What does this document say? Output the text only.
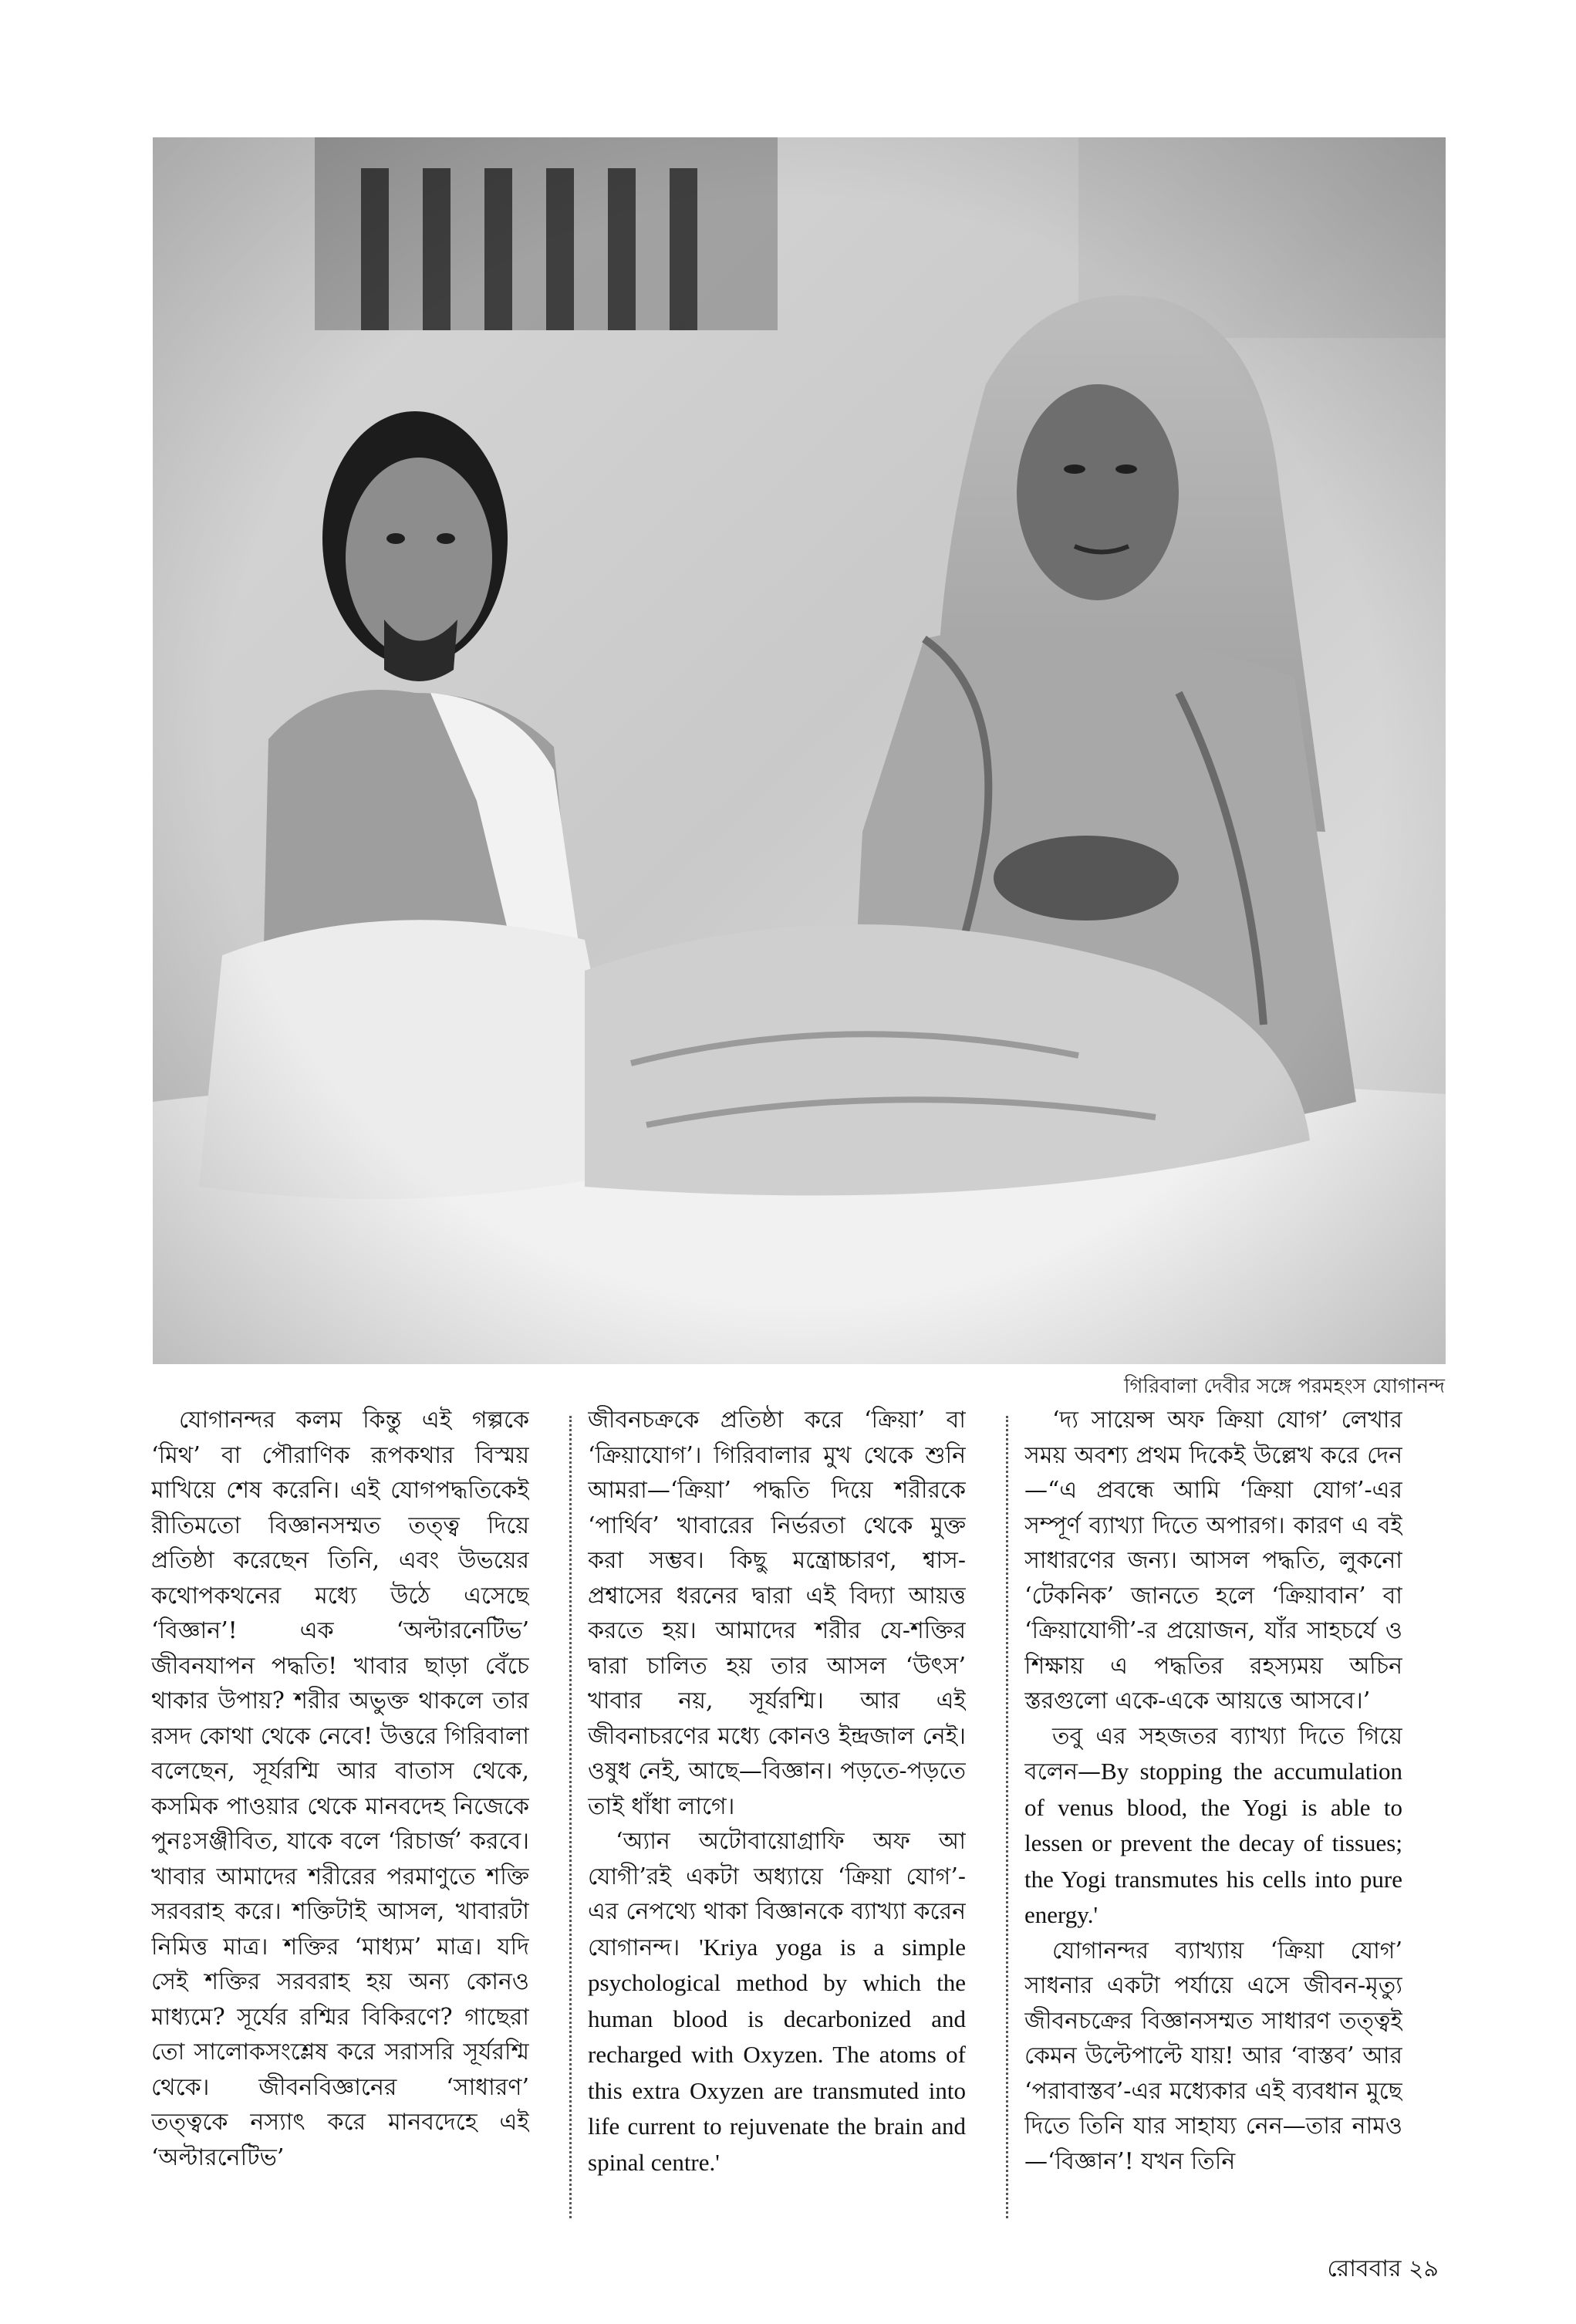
গিরিবালা দেবীর সঙ্গে পরমহংস যোগানন্দ

যোগানন্দর কলম কিন্তু এই গল্পকে ‘মিথ’ বা পৌরাণিক রূপকথার বিস্ময় মাখিয়ে শেষ করেনি। এই যোগপদ্ধতিকেই রীতিমতো বিজ্ঞানসম্মত তত্ত্ব দিয়ে প্রতিষ্ঠা করেছেন তিনি, এবং উভয়ের কথোপকথনের মধ্যে উঠে এসেছে ‘বিজ্ঞান’! এক ‘অল্টারনেটিভ’ জীবনযাপন পদ্ধতি! খাবার ছাড়া বেঁচে থাকার উপায়? শরীর অভুক্ত থাকলে তার রসদ কোথা থেকে নেবে! উত্তরে গিরিবালা বলেছেন, সূর্যরশ্মি আর বাতাস থেকে, কসমিক পাওয়ার থেকে মানবদেহ নিজেকে পুনঃসঞ্জীবিত, যাকে বলে ‘রিচার্জ’ করবে। খাবার আমাদের শরীরের পরমাণুতে শক্তি সরবরাহ করে। শক্তিটাই আসল, খাবারটা নিমিত্ত মাত্র। শক্তির ‘মাধ্যম’ মাত্র। যদি সেই শক্তির সরবরাহ হয় অন্য কোনও মাধ্যমে? সূর্যের রশ্মির বিকিরণে? গাছেরা তো সালোকসংশ্লেষ করে সরাসরি সূর্যরশ্মি থেকে। জীবনবিজ্ঞানের ‘সাধারণ’ তত্ত্বকে নস্যাৎ করে মানবদেহে এই ‘অল্টারনেটিভ’

জীবনচক্রকে প্রতিষ্ঠা করে ‘ক্রিয়া’ বা ‘ক্রিয়াযোগ’। গিরিবালার মুখ থেকে শুনি আমরা—‘ক্রিয়া’ পদ্ধতি দিয়ে শরীরকে ‘পার্থিব’ খাবারের নির্ভরতা থেকে মুক্ত করা সম্ভব। কিছু মন্ত্রোচ্চারণ, শ্বাস-প্রশ্বাসের ধরনের দ্বারা এই বিদ্যা আয়ত্ত করতে হয়। আমাদের শরীর যে-শক্তির দ্বারা চালিত হয় তার আসল ‘উৎস’ খাবার নয়, সূর্যরশ্মি। আর এই জীবনাচরণের মধ্যে কোনও ইন্দ্রজাল নেই। ওষুধ নেই, আছে—বিজ্ঞান। পড়তে-পড়তে তাই ধাঁধা লাগে।

‘অ্যান অটোবায়োগ্রাফি অফ আ যোগী’রই একটা অধ্যায়ে ‘ক্রিয়া যোগ’-এর নেপথ্যে থাকা বিজ্ঞানকে ব্যাখ্যা করেন যোগানন্দ। 'Kriya yoga is a simple psychological method by which the human blood is decarbonized and recharged with Oxyzen. The atoms of this extra Oxyzen are transmuted into life current to rejuvenate the brain and spinal centre.'

‘দ্য সায়েন্স অফ ক্রিয়া যোগ’ লেখার সময় অবশ্য প্রথম দিকেই উল্লেখ করে দেন—“এ প্রবন্ধে আমি ‘ক্রিয়া যোগ’-এর সম্পূর্ণ ব্যাখ্যা দিতে অপারগ। কারণ এ বই সাধারণের জন্য। আসল পদ্ধতি, লুকনো ‘টেকনিক’ জানতে হলে ‘ক্রিয়াবান’ বা ‘ক্রিয়াযোগী’-র প্রয়োজন, যাঁর সাহচর্যে ও শিক্ষায় এ পদ্ধতির রহস্যময় অচিন স্তরগুলো একে-একে আয়ত্তে আসবে।’

তবু এর সহজতর ব্যাখ্যা দিতে গিয়ে বলেন—By stopping the accumulation of venus blood, the Yogi is able to lessen or prevent the decay of tissues; the Yogi transmutes his cells into pure energy.'

যোগানন্দর ব্যাখ্যায় ‘ক্রিয়া যোগ’ সাধনার একটা পর্যায়ে এসে জীবন-মৃত্যু জীবনচক্রের বিজ্ঞানসম্মত সাধারণ তত্ত্বই কেমন উল্টেপাল্টে যায়! আর ‘বাস্তব’ আর ‘পরাবাস্তব’-এর মধ্যেকার এই ব্যবধান মুছে দিতে তিনি যার সাহায্য নেন—তার নামও—‘বিজ্ঞান’! যখন তিনি

রোববার ২৯
